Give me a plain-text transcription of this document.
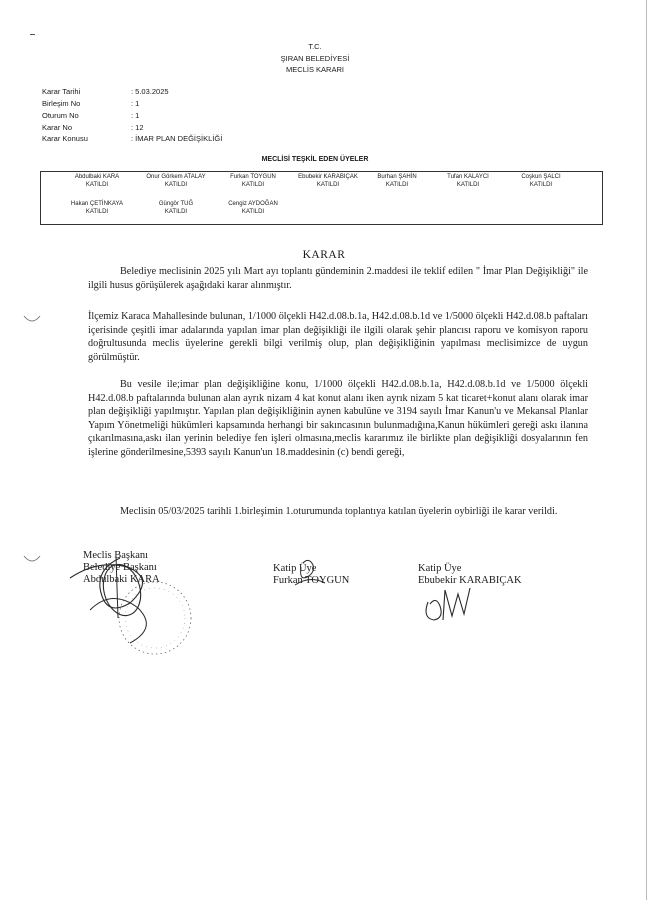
T.C.
ŞIRAN BELEDİYESİ
MECLİS KARARI
Karar Tarihi	: 5.03.2025
Birleşim No	: 1
Oturum No	: 1
Karar No	: 12
Karar Konusu	: İMAR PLAN DEĞİŞİKLİĞİ
MECLİSİ TEŞKİL EDEN ÜYELER
Abdulbaki KARA
KATILDI
Onur Görkem ATALAY
KATILDI
Furkan TOYGUN
KATILDI
Ebubekir KARABIÇAK
KATILDI
Burhan ŞAHİN
KATILDI
Tufan KALAYCI
KATILDI
Coşkun ŞALCI
KATILDI
Hakan ÇETİNKAYA
KATILDI
Güngör TUĞ
KATILDI
Cengiz AYDOĞAN
KATILDI
KARAR
Belediye meclisinin 2025 yılı Mart ayı toplantı gündeminin 2.maddesi ile teklif edilen " İmar Plan Değişikliği" ile ilgili husus görüşülerek aşağıdaki karar alınmıştır.
İlçemiz Karaca Mahallesinde bulunan, 1/1000 ölçekli H42.d.08.b.1a, H42.d.08.b.1d ve 1/5000 ölçekli H42.d.08.b paftaları içerisinde çeşitli imar adalarında yapılan imar plan değişikliği ile ilgili olarak şehir plancısı raporu ve komisyon raporu doğrultusunda meclis üyelerine gerekli bilgi verilmiş olup, plan değişikliğinin yapılması meclisimizce de uygun görülmüştür.
Bu vesile ile;imar plan değişikliğine konu, 1/1000 ölçekli H42.d.08.b.1a, H42.d.08.b.1d ve 1/5000 ölçekli H42.d.08.b paftalarında bulunan alan ayrık nizam 4 kat konut alanı iken ayrık nizam 5 kat ticaret+konut alanı olarak imar plan değişikliği yapılmıştır. Yapılan plan değişikliğinin aynen kabulüne ve 3194 sayılı İmar Kanun'u ve Mekansal Planlar Yapım Yönetmeliği hükümleri kapsamında herhangi bir sakıncasının bulunmadığına,Kanun hükümleri gereği askı ilanına çıkarılmasına,askı ilan yerinin belediye fen işleri olmasına,meclis kararımız ile birlikte plan değişikliği dosyalarının fen işlerine gönderilmesine,5393 sayılı Kanun'un 18.maddesinin (c) bendi gereği,
Meclisin 05/03/2025 tarihli 1.birleşimin 1.oturumunda toplantıya katılan üyelerin oybirliği ile karar verildi.
Meclis Başkanı
Belediye Başkanı
Abdulbaki KARA
Katip Üye
Furkan TOYGUN
Katip Üye
Ebubekir KARABIÇAK
